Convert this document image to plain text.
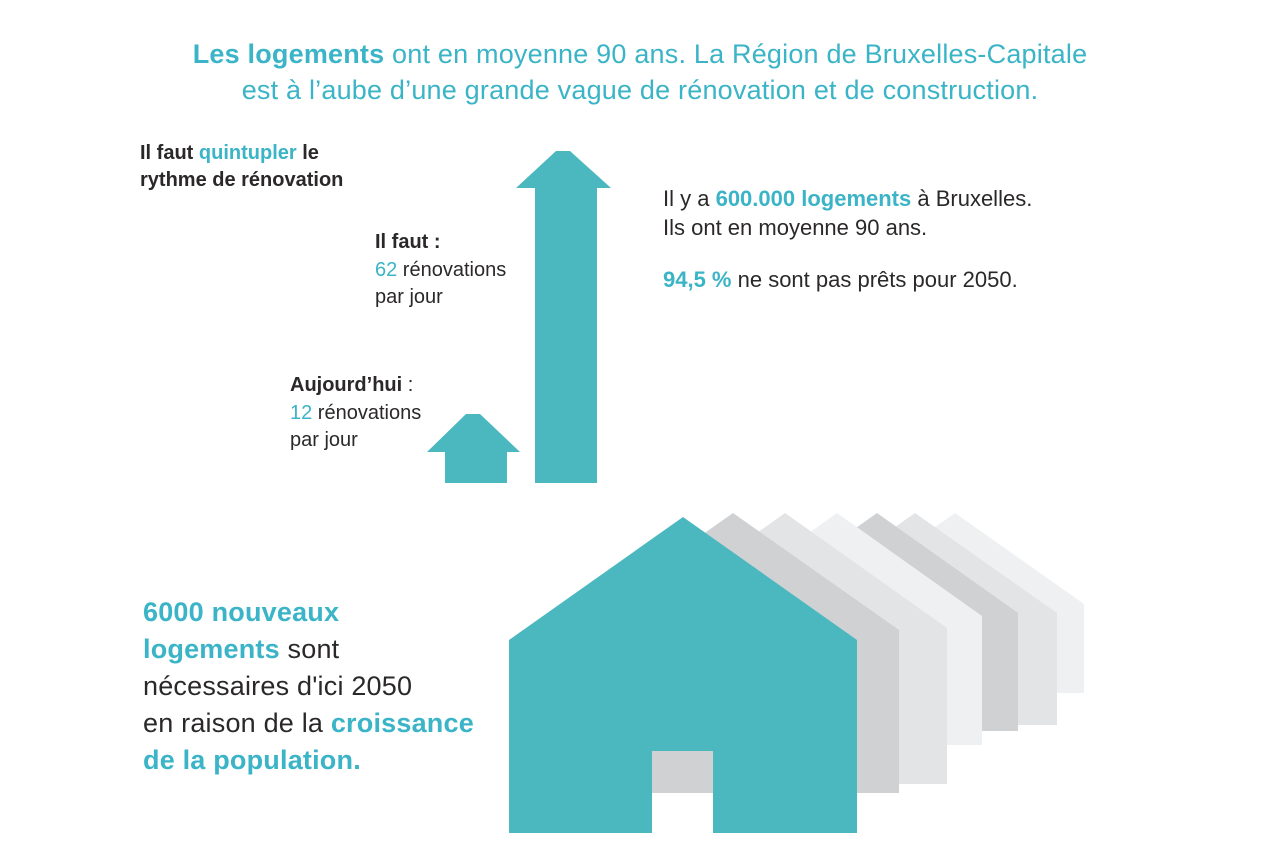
Les logements ont en moyenne 90 ans. La Région de Bruxelles-Capitale
est à l’aube d’une grande vague de rénovation et de construction.
Il faut quintupler le
rythme de rénovation
Il faut :
62 rénovations
par jour
Aujourd’hui :
12 rénovations
par jour
Il y a 600.000 logements à Bruxelles.
Ils ont en moyenne 90 ans.
94,5 % ne sont pas prêts pour 2050.
6000 nouveaux
logements sont
nécessaires d'ici 2050
en raison de la croissance
de la population.
